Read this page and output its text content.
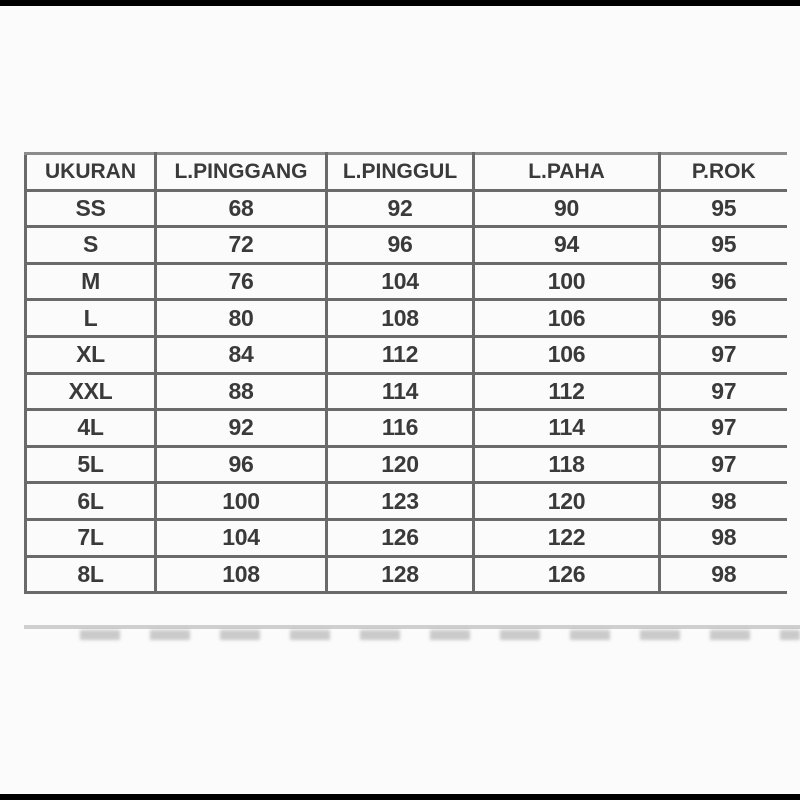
UKURAN	L.PINGGANG	L.PINGGUL	L.PAHA	P.ROK
SS	68	92	90	95
S	72	96	94	95
M	76	104	100	96
L	80	108	106	96
XL	84	112	106	97
XXL	88	114	112	97
4L	92	116	114	97
5L	96	120	118	97
6L	100	123	120	98
7L	104	126	122	98
8L	108	128	126	98
